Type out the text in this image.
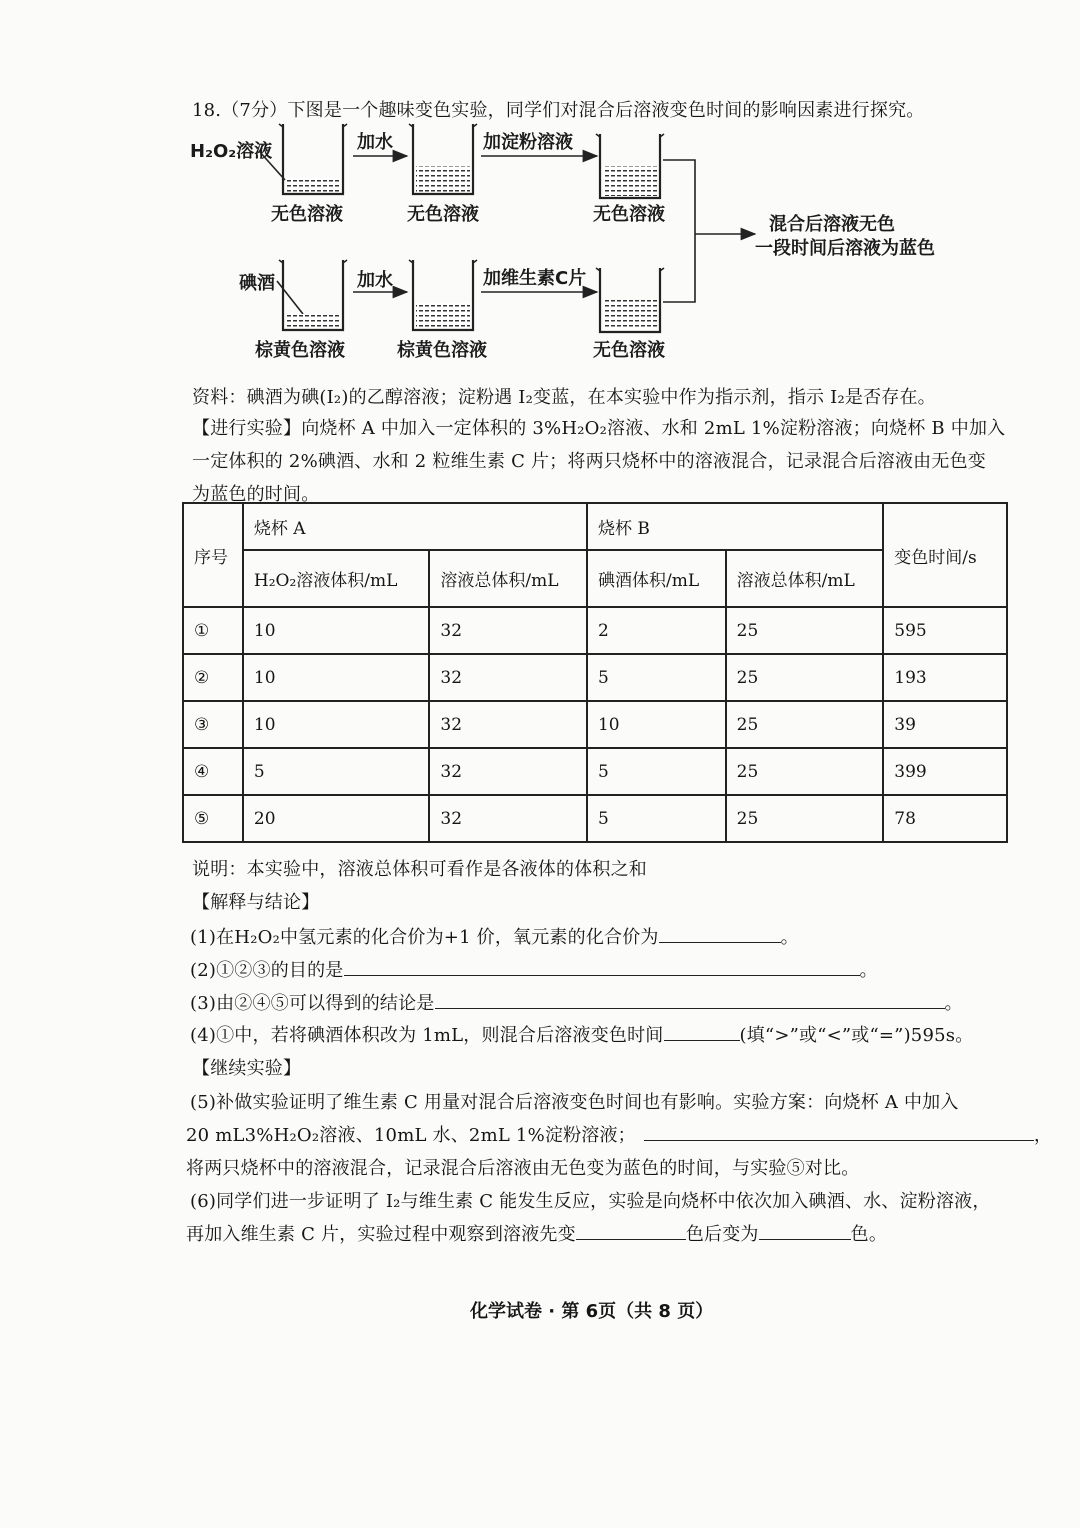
18.（7分）下图是一个趣味变色实验，同学们对混合后溶液变色时间的影响因素进行探究。
H₂O₂溶液	加水	加淀粉溶液
无色溶液	无色溶液	无色溶液
碘酒	加水	加维生素C片
棕黄色溶液	棕黄色溶液	无色溶液
混合后溶液无色
一段时间后溶液为蓝色
资料：碘酒为碘(I₂)的乙醇溶液；淀粉遇 I₂变蓝，在本实验中作为指示剂，指示 I₂是否存在。
【进行实验】向烧杯 A 中加入一定体积的 3%H₂O₂溶液、水和 2mL 1%淀粉溶液；向烧杯 B 中加入
一定体积的 2%碘酒、水和 2 粒维生素 C 片；将两只烧杯中的溶液混合，记录混合后溶液由无色变
为蓝色的时间。
序号	烧杯 A		烧杯 B		变色时间/s
	H₂O₂溶液体积/mL	溶液总体积/mL	碘酒体积/mL	溶液总体积/mL	
①	10	32	2	25	595
②	10	32	5	25	193
③	10	32	10	25	39
④	5	32	5	25	399
⑤	20	32	5	25	78
说明：本实验中，溶液总体积可看作是各液体的体积之和
【解释与结论】
(1)在H₂O₂中氢元素的化合价为+1 价，氧元素的化合价为	。
(2)①②③的目的是	。
(3)由②④⑤可以得到的结论是	。
(4)①中，若将碘酒体积改为 1mL，则混合后溶液变色时间	(填“>”或“<”或“=”)595s。
【继续实验】
(5)补做实验证明了维生素 C 用量对混合后溶液变色时间也有影响。实验方案：向烧杯 A 中加入
20 mL3%H₂O₂溶液、10mL 水、2mL 1%淀粉溶液；	，
将两只烧杯中的溶液混合，记录混合后溶液由无色变为蓝色的时间，与实验⑤对比。
(6)同学们进一步证明了 I₂与维生素 C 能发生反应，实验是向烧杯中依次加入碘酒、水、淀粉溶液，
再加入维生素 C 片，实验过程中观察到溶液先变	色后变为	色。
化学试卷 · 第 6页（共 8 页）
